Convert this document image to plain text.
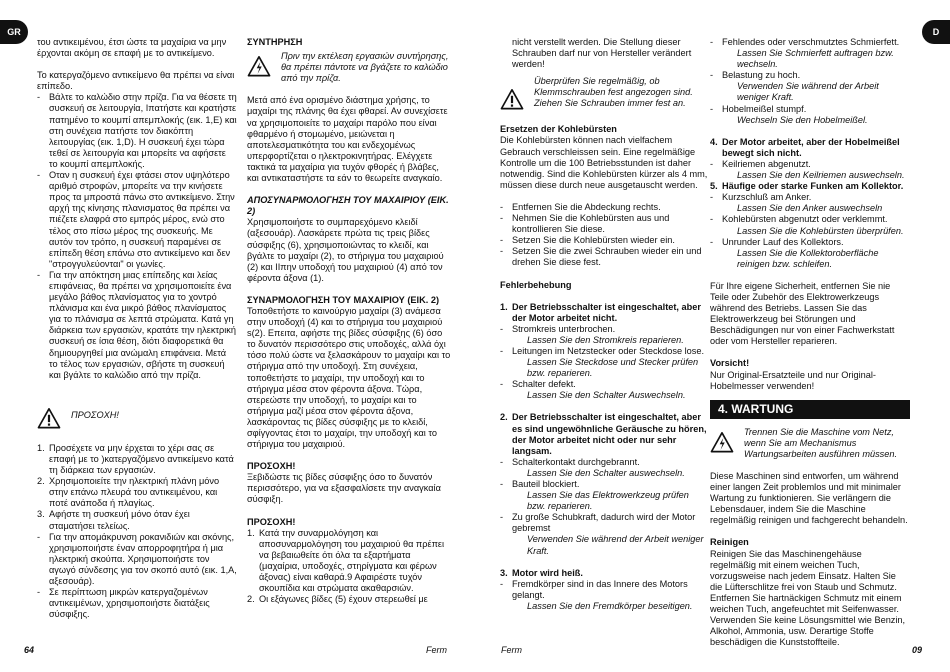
GR	D

του αντικειμένου, έτσι ώστε τα μαχαίρια να μην έρχονται ακόμη σε επαφή με το αντικείμενο.

Το κατεργαζόμενο αντικείμενο θα πρέπει να είναι επίπεδο.

- Βάλτε το καλώδιο στην πρίζα. Για να θέσετε τη συσκευή σε λειτουργία, Iπατήστε και κρατήστε πατημένο το κουμπί απεμπλοκής (εικ. 1,E) και στη συνέχεια πατήστε τον διακόπτη λειτουργίας (εικ. 1,D). Η συσκευή έχει τώρα τεθεί σε λειτουργία και μπορείτε να αφήσετε το κουμπί απεμπλοκής.
- Οταν η συσκευή έχει φτάσει στον υψηλότερο αριθμό στροφών, μπορείτε να την κινήσετε προς τα μπροστά πάνω στο αντικείμενο. Στην αρχή της κίνησης πλανισματος θα πρέπει να πιέζετε ελαφρά στο εμπρός μέρος, ενώ στο τέλος στο πίσω μέρος της συσκευής. Με αυτόν τον τρόπο, η συσκευή παραμένει σε επίπεδη θέση επάνω στο αντικείμενο και δεν "στρογγυλεύονται" οι γωνίες.
- Για την απόκτηση μιας επίπεδης και λείας επιφάνειας, θα πρέπει να χρησιμοποιείτε ένα μεγάλο βάθος πλανίσματος για το χοντρό πλάνισμα και ένα μικρό βάθος πλανίσματος για το πλάνισμα σε λεπτά στρώματα. Κατά γη διάρκεια των εργασιών, κρατάτε την ηλεκτρική συσκευή σε ίσια θέση, διότι διαφορετικά θα δημιουργηθεί μια ανώμαλη επιφάνεια. Μετά το τέλος των εργασιών, σβήστε τη συσκευή και βγάλτε το καλώδιο από την πρίζα.
ΠΡΟΣΟΧΗ!
1. Προσέχετε να μην έρχεται το χέρι σας σε επαφή με το )κατεργαζόμενο αντικείμενο κατά τη διάρκεια των εργασιών.
2. Χρησιμοποιείτε την ηλεκτρική πλάνη μόνο στην επάνω πλευρά του αντικειμένου, και ποτέ ανάποδα ή πλαγίως.
3. Αφήστε τη συσκευή μόνο όταν έχει σταματήσει τελείως.
- Για την απομάκρυνση ροκανιδιών και σκόνης, χρησιμοποιήστε έναν απορροφητήρα ή μια ηλεκτρική σκούπα. Χρησιμοποιήστε τον αγωγό σύνδεσης για τον σκοπό αυτό (εικ. 1,A, αξεσουάρ).
- Σε περίπτωση μικρών κατεργαζομένων αντικειμένων, χρησιμοποιήστε διατάξεις σύσφιξης.

ΣΥΝΤΗΡΗΣΗ

Πριν την εκτέλεση εργασιών συντήρησης, θα πρέπει πάντοτε να βγάζετε το καλώδιο από την πρίζα.

Μετά από ένα ορισμένο διάστημα χρήσης, το μαχαίρι της πλάνης θα έχει φθαρεί. Αν συνεχίσετε να χρησιμοποιείτε το μαχαίρι παρόλο που είναι φθαρμένο ή στομωμένο, μειώνεται η αποτελεσματικότητα του και ενδεχομένως υπερφορτίζεται ο ηλεκτροκινητήρας. Ελέγχετε τακτικά τα μαχαίρια για τυχόν φθορές ή βλάβες, και αντικαταστήστε τα εάν το θεωρείτε αναγκαίο.

ΑΠΟΣΥΝΑΡΜΟΛΟΓΗΣΗ ΤΟΥ ΜΑΧΑΙΡΙΟΥ (ΕΙΚ. 2)

Χρησιμοποιήστε το συμπαρεχόμενο κλειδί (αξεσουάρ). Λασκάρετε πρώτα τις τρεις βίδες σύσφιξης (6), χρησιμοποιώντας το κλειδί, και βγάλτε το μαχαίρι (2), το στήριγμα του μαχαιριού (2) και ΙΙπην υποδοχή του μαχαιριού (4) από τον φέροντα άξονα (1).

ΣΥΝΑΡΜΟΛΟΓΗΣΗ ΤΟΥ ΜΑΧΑΙΡΙΟΥ (ΕΙΚ. 2)

Τοποθετήστε το καινούργιο μαχαίρι (3) ανάμεσα στην υποδοχή (4) και το στήριγμα του μαχαιριού s(2). Επειτα, αφήστε της βίδες σύσφιξης (6) όσο το δυνατόν περισσότερο στις υποδοχές, αλλά όχι τόσο πολύ ώστε να ξελασκάρουν το μαχαίρι και το στήριγμα από την υποδοχή. Στη συνέχεια, τοποθετήστε το μαχαίρι, την υποδοχή και το στήριγμα μέσα στον φέροντα άξονα. Τώρα, στερεώστε την υποδοχή, το μαχαίρι και το στήριγμα μαζί μέσα στον φέροντα άξονα, λασκάροντας τις βίδες σύσφιξης με το κλειδί, σφίγγοντας έτσι το μαχαίρι, την υποδοχή και το στήριγμα του μαχαιριού.

ΠΡΟΣΟΧΗ!

Ξεβιδώστε τις βίδες σύσφιξης όσο το δυνατόν περισσότερο, για να εξασφαλίσετε την αναγκαία σύσφιξη.

ΠΡΟΣΟΧΗ!

1. Κατά την συναρμολόγηση και αποσυναρμολόγηση του μαχαιριού θα πρέπει να βεβαιωθείτε ότι όλα τα εξαρτήματα (μαχαίρια, υποδοχές, στηρίγματα και φέρων άξονας) είναι καθαρά.9 Αφαιρέστε τυχόν σκουπίδια και στρώματα ακαθαρσιών.
2. Οι εξάγωνες βίδες (5) έχουν στερεωθεί με

nicht verstellt werden. Die Stellung dieser Schrauben darf nur von Hersteller verändert werden!

Überprüfen Sie regelmäßig, ob Klemmschrauben fest angezogen sind. Ziehen Sie Schrauben immer fest an.

Ersetzen der Kohlebürsten

Die Kohlebürsten können nach vielfachem Gebrauch verschleissen sein. Eine regelmäßige Kontrolle um die 100 Betriebsstunden ist daher notwendig. Sind die Kohlebürsten kürzer als 4 mm, müssen diese durch neue ausgetauscht werden.

- Entfernen Sie die Abdeckung rechts.
- Nehmen Sie die Kohlebürsten aus und kontrollieren Sie diese.
- Setzen Sie die Kohlebürsten wieder ein.
- Setzen Sie die zwei Schrauben wieder ein und drehen Sie diese fest.

Fehlerbehebung

1. Der Betriebsschalter ist eingeschaltet, aber der Motor arbeitet nicht.
- Stromkreis unterbrochen.

Lassen Sie den Stromkreis reparieren.

- Leitungen im Netzstecker oder Steckdose lose.

Lassen Sie Steckdose und Stecker prüfen bzw. reparieren.

- Schalter defekt.

Lassen Sie den Schalter Auswechseln.

2. Der Betriebsschalter ist eingeschaltet, aber es sind ungewöhnliche Geräusche zu hören, der Motor arbeitet nicht oder nur sehr langsam.
- Schalterkontakt durchgebrannt.

Lassen Sie den Schalter auswechseln.

- Bauteil blockiert.

Lassen Sie das Elektrowerkzeug prüfen bzw. reparieren.

- Zu große Schubkraft, dadurch wird der Motor gebremst

Verwenden Sie während der Arbeit weniger Kraft.

3. Motor wird heiß.
- Fremdkörper sind in das Innere des Motors gelangt.

Lassen Sie den Fremdkörper beseitigen.

- Fehlendes oder verschmutztes Schmierfett.

Lassen Sie Schmierfett auftragen bzw. wechseln.

- Belastung zu hoch.

Verwenden Sie während der Arbeit weniger Kraft.

- Hobelmeißel stumpf.

Wechseln Sie den Hobelmeißel.

4. Der Motor arbeitet, aber der Hobelmeißel bewegt sich nicht.
- Keilriemen abgenutzt.

Lassen Sie den Keilriemen auswechseln.

5. Häufige oder starke Funken am Kollektor.
- Kurzschluß am Anker.

Lassen Sie den Anker auswechseln

- Kohlebürsten abgenutzt oder verklemmt.

Lassen Sie die Kohlebürsten überprüfen.

- Unrunder Lauf des Kollektors.

Lassen Sie die Kollektoroberfläche reinigen bzw. schleifen.

Für Ihre eigene Sicherheit, entfernen Sie nie Teile oder Zubehör des Elektrowerkzeugs während des Betriebs. Lassen Sie das Elektrowerkzeug bei Störungen und Beschädigungen nur von einer Fachwerkstatt oder vom Hersteller reparieren.

Vorsicht!

Nur Original-Ersatzteile und nur Original-Hobelmesser verwenden!

4. WARTUNG
Trennen Sie die Maschine vom Netz, wenn Sie am Mechanismus Wartungsarbeiten ausführen müssen.

Diese Maschinen sind entworfen, um während einer langen Zeit problemlos und mit minimaler Wartung zu funktionieren. Sie verlängern die Lebensdauer, indem Sie die Maschine regelmäßig reinigen und fachgerecht behandeln.

Reinigen

Reinigen Sie das Maschinengehäuse regelmäßig mit einem weichen Tuch, vorzugsweise nach jedem Einsatz. Halten Sie die Lüfterschlitze frei von Staub und Schmutz.

Entfernen Sie hartnäckigen Schmutz mit einem weichen Tuch, angefeuchtet mit Seifenwasser. Verwenden Sie keine Lösungsmittel wie Benzin, Alkohol, Ammonia, usw. Derartige Stoffe beschädigen die Kunststoffteile.

64	Ferm	Ferm	09
